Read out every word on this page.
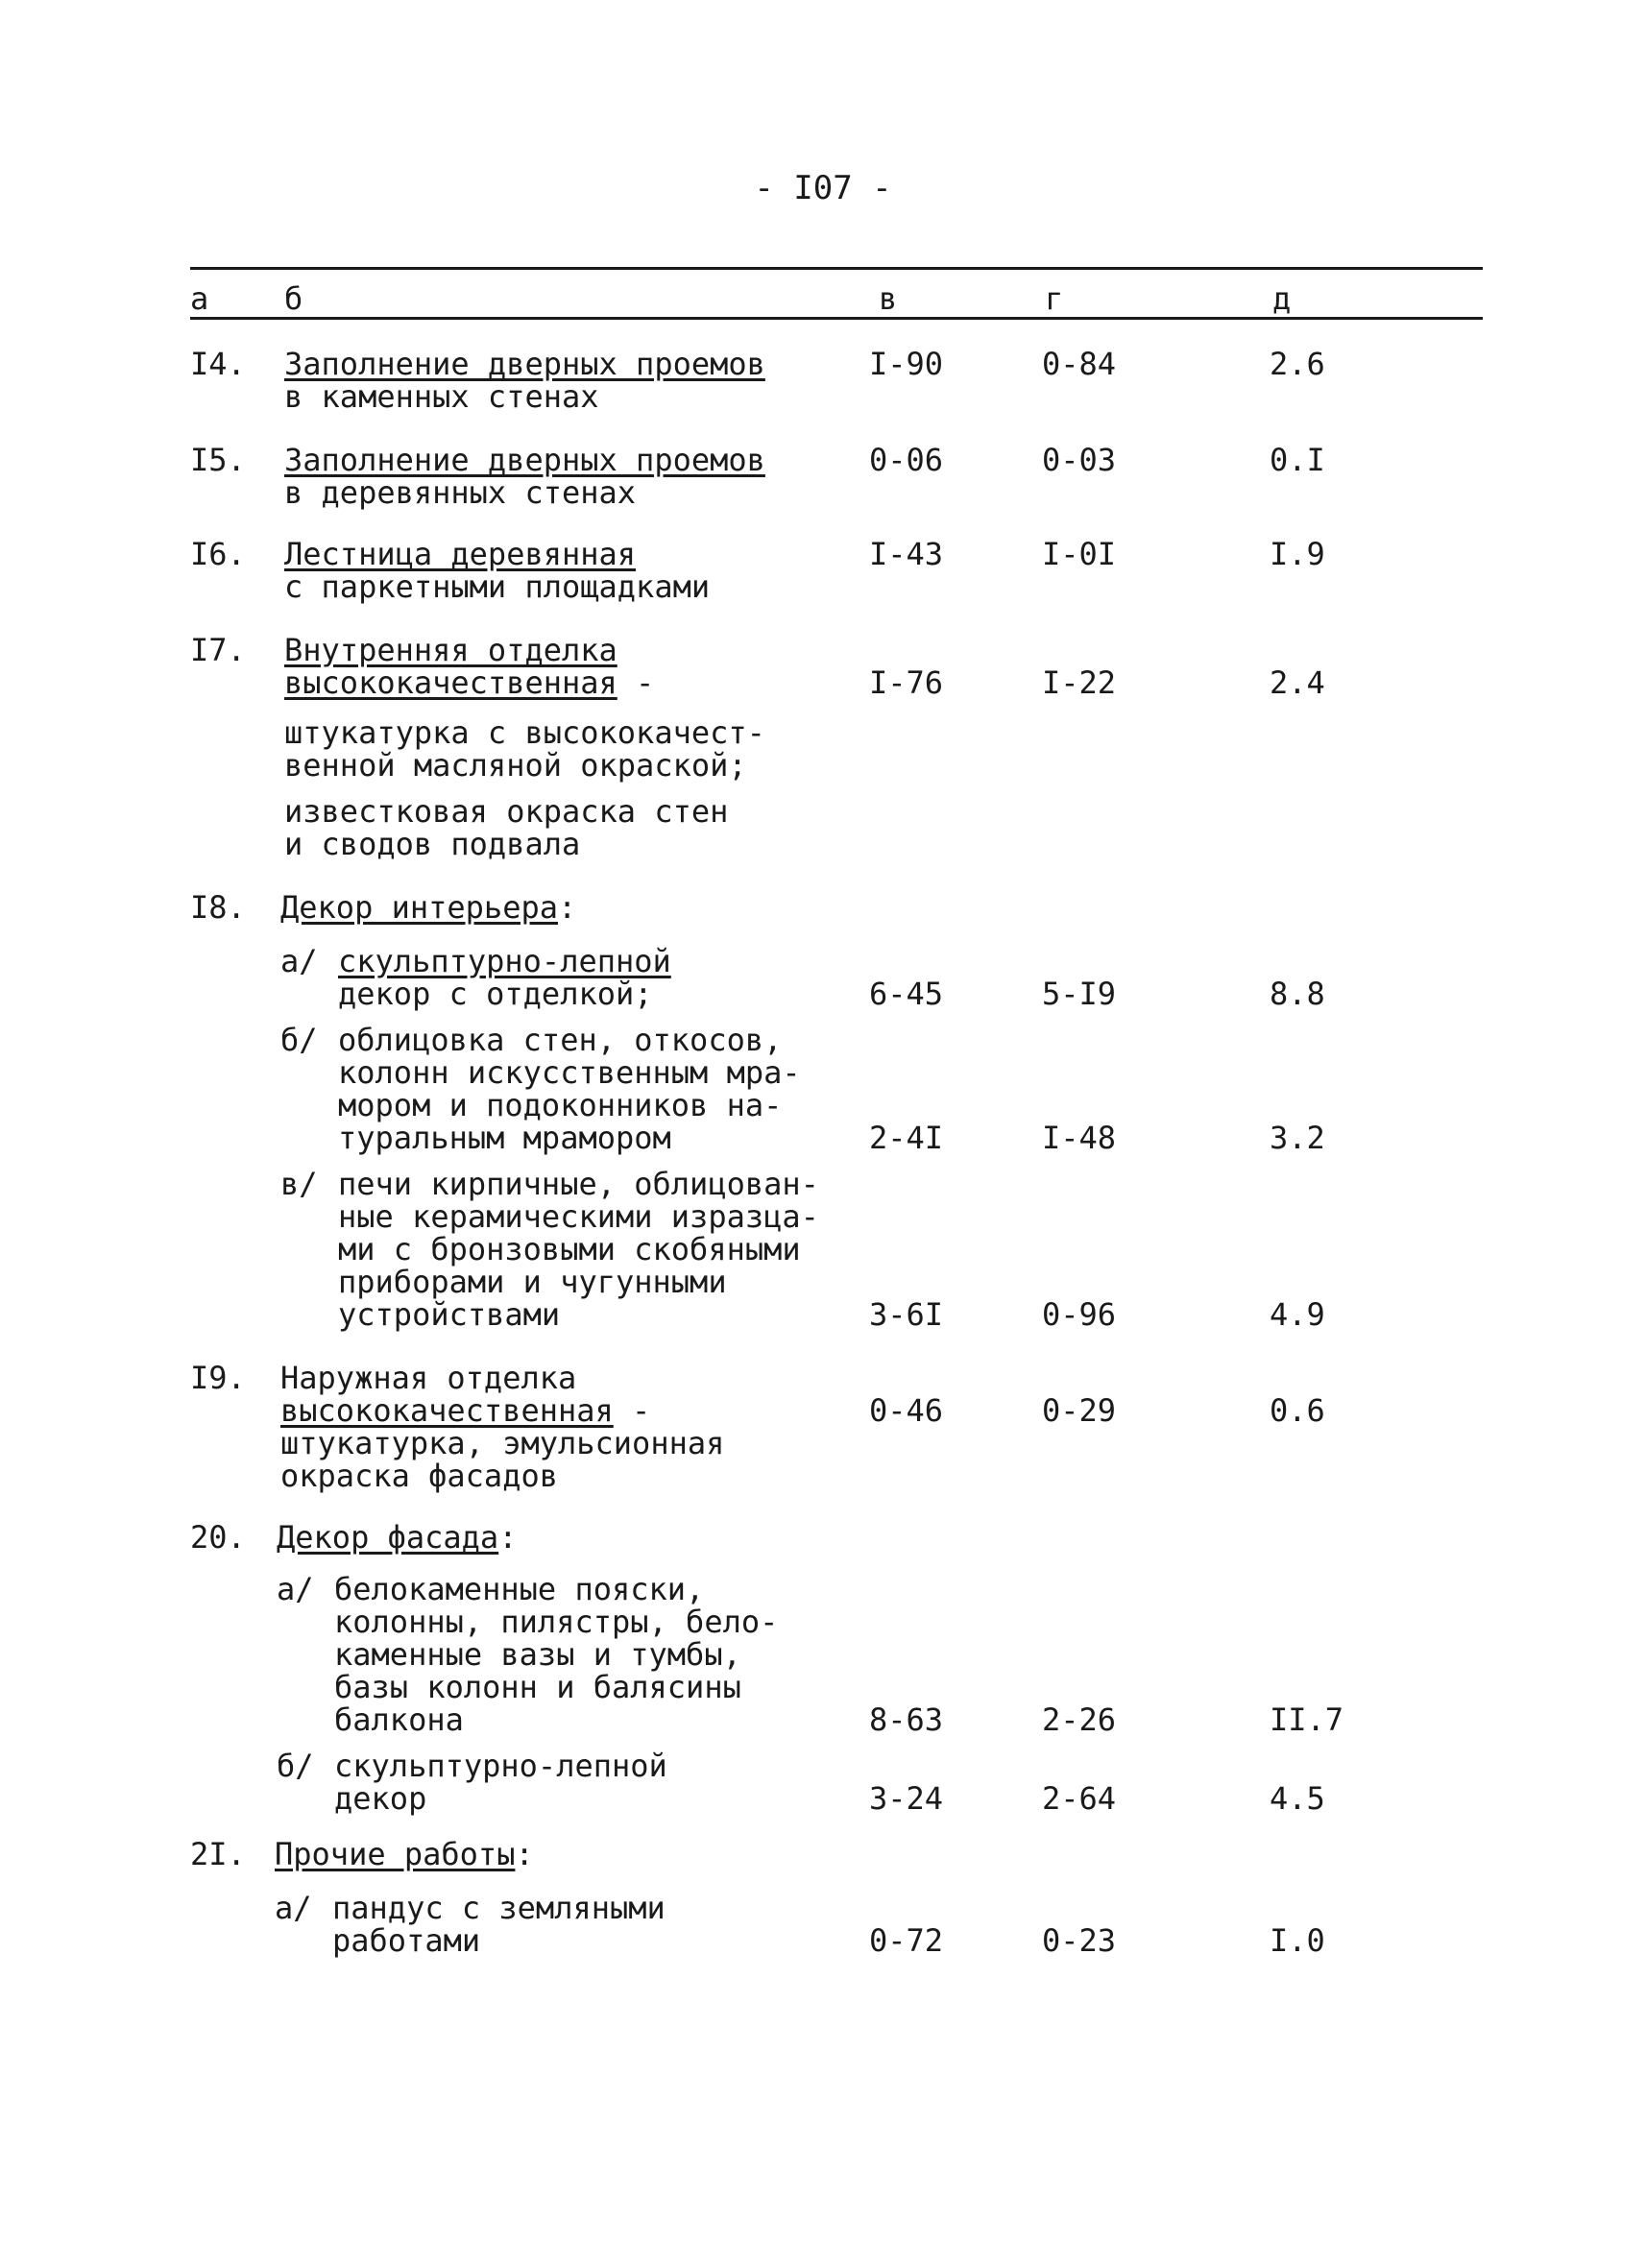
- I07 -
а б	в	г	д
I4. Заполнение дверных проемов
в каменных стенах
I-90	0-84	2.6
I5. Заполнение дверных проемов
в деревянных стенах
0-06	0-03	0.I
I6. Лестница деревянная
с паркетными площадками
I-43	I-0I	I.9
I7. Внутренняя отделка
высококачественная -
штукатурка с высококачест-
венной масляной окраской;
известковая окраска стен
и сводов подвала
I-76	I-22	2.4
I8. Декор интерьера:
а/ скульптурно-лепной
декор с отделкой;	6-45	5-I9	8.8
б/ облицовка стен, откосов,
колонн искусственным мра-
мором и подоконников на-
туральным мрамором	2-4I	I-48	3.2
в/ печи кирпичные, облицован-
ные керамическими изразца-
ми с бронзовыми скобяными
приборами и чугунными
устройствами	3-6I	0-96	4.9
I9. Наружная отделка
высококачественная -
штукатурка, эмульсионная
окраска фасадов
0-46	0-29	0.6
20. Декор фасада:
а/ белокаменные пояски,
колонны, пилястры, бело-
каменные вазы и тумбы,
базы колонн и балясины
балкона	8-63	2-26	II.7
б/ скульптурно-лепной
декор	3-24	2-64	4.5
2I. Прочие работы:
а/ пандус с земляными
работами	0-72	0-23	I.0
